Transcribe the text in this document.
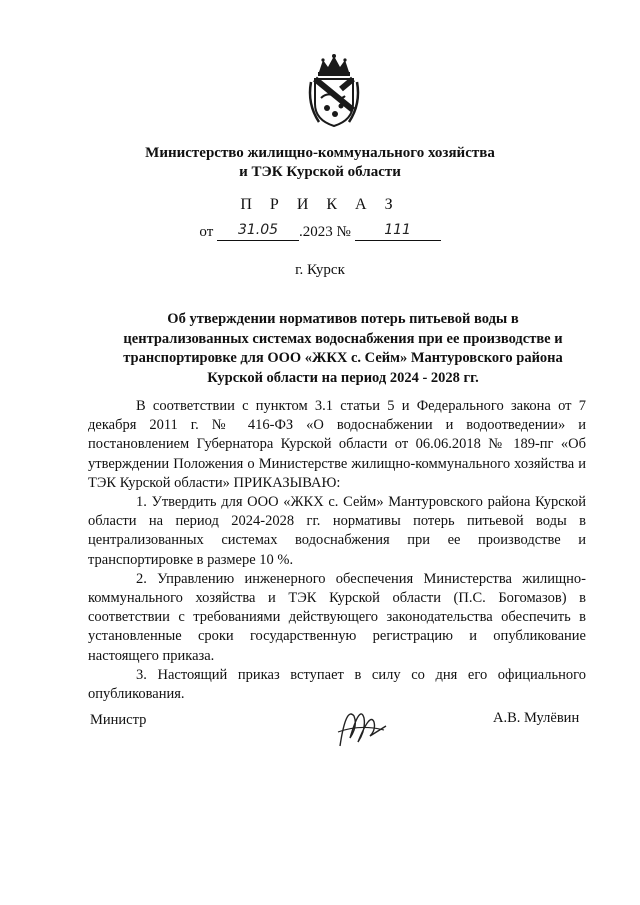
Министерство жилищно-коммунального хозяйства
и ТЭК Курской области
П Р И К А З
от 31.05 .2023 № 111
г. Курск
Об утверждении нормативов потерь питьевой воды в централизованных системах водоснабжения при ее производстве и транспортировке для ООО «ЖКХ с. Сейм» Мантуровского района Курской области на период 2024 - 2028 гг.

В соответствии с пунктом 3.1 статьи 5 и Федерального закона от 7 декабря 2011 г. № 416-ФЗ «О водоснабжении и водоотведении» и постановлением Губернатора Курской области от 06.06.2018 № 189-пг «Об утверждении Положения о Министерстве жилищно-коммунального хозяйства и ТЭК Курской области» ПРИКАЗЫВАЮ:

1. Утвердить для ООО «ЖКХ с. Сейм» Мантуровского района Курской области на период 2024-2028 гг. нормативы потерь питьевой воды в централизованных системах водоснабжения при ее производстве и транспортировке в размере 10 %.

2. Управлению инженерного обеспечения Министерства жилищно-коммунального хозяйства и ТЭК Курской области (П.С. Богомазов) в соответствии с требованиями действующего законодательства обеспечить в установленные сроки государственную регистрацию и опубликование настоящего приказа.

3. Настоящий приказ вступает в силу со дня его официального опубликования.

Министр	А.В. Мулёвин
